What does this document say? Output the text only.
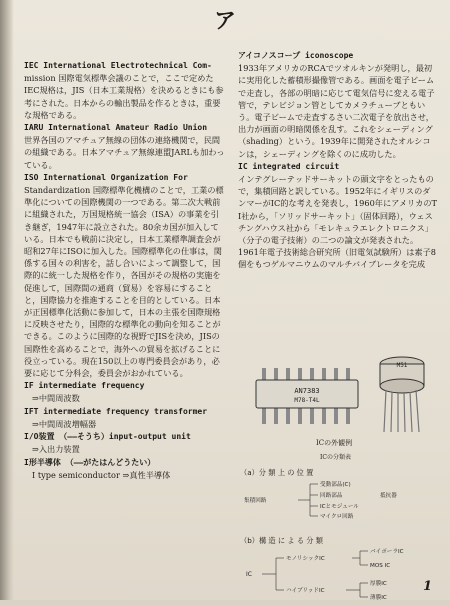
ア
IEC International Electrotechnical Com-
mission 国際電気標準会議のことで，ここで定めたIEC規格は，JIS（日本工業規格）を決めるときにも参考にされた。日本からの輸出製品を作るときは，重要な規格である。
IARU International Amateur Radio Union
世界各国のアマチュア無線の団体の連絡機関で，民間の組織である。日本アマチュア無線連盟JARLも加わっている。
ISO International Organization For
Standardization 国際標準化機構のことで，工業の標準化についての国際機関の一つである。第二次大戦前に組織された，万国規格統一協会（ISA）の事業を引き継ぎ，1947年に設立された。80余カ国が加入している。日本でも戦前に決定し，日本工業標準調査会が昭和27年にISOに加入した。国際標準化の仕事は，関係する国々の利害を，話し合いによって調整して，国際的に統一した規格を作り，各国がその規格の実施を促進して，国際間の通商（貿易）を容易にすることと，国際協力を推進することを目的としている。日本が正国標準化活動に参加して，日本の主張を国際規格に反映させたり，国際的な標準化の動向を知ることができる。このように国際的な視野でJISを決め，JISの国際性を高めることで，海外への貿易を拡げることに役立っている。現在150以上の専門委員会があり，必要に応じて分科会，委員会がおかれている。
IF intermediate frequency
⇒中間周波数
IFT intermediate frequency transformer
⇒中間周波増幅器
I/O装置 （——そうち）input-output unit
⇒入出力装置
I形半導体 （——がたはんどうたい）
I type semiconductor ⇒真性半導体
アイコノスコープ iconoscope
1933年アメリカのRCAでツオルキンが発明し，最初に実用化した蓄積形撮像管である。画面を電子ビームで走査し，各部の明暗に応じて電気信号に変える電子管で，テレビジョン管としてカメラチューブともいう。電子ビームで走査するさい二次電子を放出させ，出力が画面の明暗関係を乱す。これをシェーディング（shading）という。1939年に開発されたオルシコンは，シェーディングを除くのに成功した。
IC integrated circuit
インテグレーテッドサーキットの頭文字をとったもので，集積回路と訳している。1952年にイギリスのダンマーがIC的な考えを発表し，1960年にアメリカのT I社から，「ソリッドサーキット」（固体回路），ウェスチングハウス社から「モレキュラエレクトロニクス」（分子の電子技術）の二つの論文が発表された。1961年電子技術総合研究所（旧電気試験所）は素子8個をもつゲルマニウムのマルチバイブレータを完成
AN7383
M78-T4L
M51
ICの外観例
ICの分類表
（a）分 類 上 の 位 置
集積回路
受動部品(C)
回路部品
ICとモジュール
マイクロ回路
抵抗器
（b）構 造 に よ る 分 類
IC
モノリシックIC
ハイブリッドIC
バイポーラIC
MOS IC
厚膜IC
薄膜IC
1
